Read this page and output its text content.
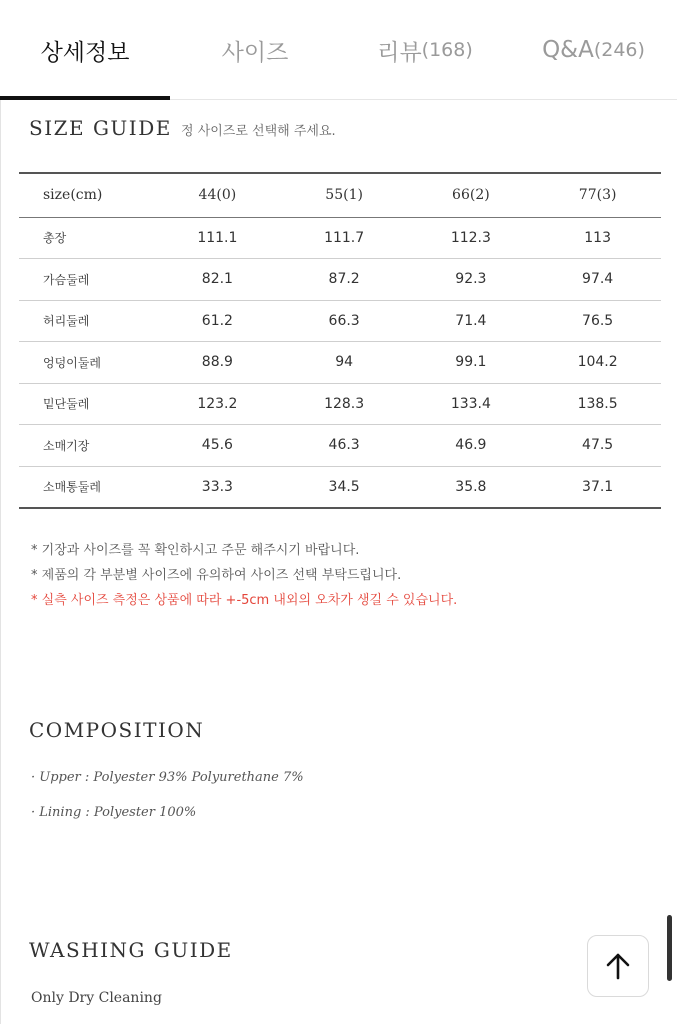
상세정보	사이즈	리뷰 (168)	Q&A (246)
SIZE GUIDE 정 사이즈로 선택해 주세요.
size(cm)	44(0)	55(1)	66(2)	77(3)
총장	111.1	111.7	112.3	113
가슴둘레	82.1	87.2	92.3	97.4
허리둘레	61.2	66.3	71.4	76.5
엉덩이둘레	88.9	94	99.1	104.2
밑단둘레	123.2	128.3	133.4	138.5
소매기장	45.6	46.3	46.9	47.5
소매통둘레	33.3	34.5	35.8	37.1
* 기장과 사이즈를 꼭 확인하시고 주문 해주시기 바랍니다.
* 제품의 각 부분별 사이즈에 유의하여 사이즈 선택 부탁드립니다.
* 실측 사이즈 측정은 상품에 따라 +-5cm 내외의 오차가 생길 수 있습니다.
COMPOSITION
· Upper : Polyester 93% Polyurethane 7%
· Lining : Polyester 100%
WASHING GUIDE
Only Dry Cleaning
